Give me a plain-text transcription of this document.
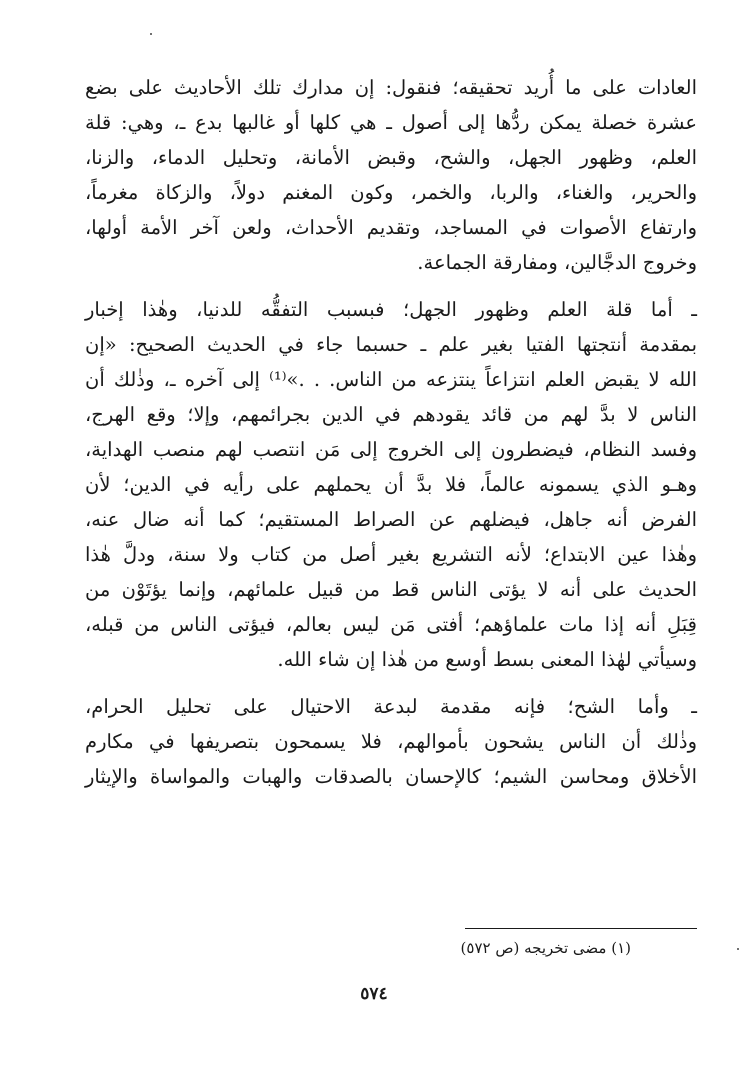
العادات على ما أُريد تحقيقه؛ فنقول: إن مدارك تلك الأحاديث على بضع
عشرة خصلة يمكن ردُّها إلى أصول ـ هي كلها أو غالبها بدع ـ، وهي: قلة
العلم، وظهور الجهل، والشح، وقبض الأمانة، وتحليل الدماء، والزنا،
والحرير، والغناء، والربا، والخمر، وكون المغنم دولاً، والزكاة مغرماً،
وارتفاع الأصوات في المساجد، وتقديم الأحداث، ولعن آخر الأمة أولها،
وخروج الدجَّالين، ومفارقة الجماعة.
ـ أما قلة العلم وظهور الجهل؛ فبسبب التفقُّه للدنيا، وهٰذا إخبار
بمقدمة أنتجتها الفتيا بغير علم ـ حسبما جاء في الحديث الصحيح: «إن
الله لا يقبض العلم انتزاعاً ينتزعه من الناس. . .»⁽¹⁾ إلى آخره ـ، وذٰلك أن
الناس لا بدَّ لهم من قائد يقودهم في الدين بجرائمهم، وإلا؛ وقع الهرج،
وفسد النظام، فيضطرون إلى الخروج إلى مَن انتصب لهم منصب الهداية،
وهـو الذي يسمونه عالماً، فلا بدَّ أن يحملهم على رأيه في الدين؛ لأن
الفرض أنه جاهل، فيضلهم عن الصراط المستقيم؛ كما أنه ضال عنه،
وهٰذا عين الابتداع؛ لأنه التشريع بغير أصل من كتاب ولا سنة، ودلَّ هٰذا
الحديث على أنه لا يؤتى الناس قط من قبيل علمائهم، وإنما يؤتَوْن من
قِبَلِ أنه إذا مات علماؤهم؛ أفتى مَن ليس بعالم، فيؤتى الناس من قبله،
وسيأتي لهٰذا المعنى بسط أوسع من هٰذا إن شاء الله.
ـ وأما الشح؛ فإنه مقدمة لبدعة الاحتيال على تحليل الحرام،
وذٰلك أن الناس يشحون بأموالهم، فلا يسمحون بتصريفها في مكارم
الأخلاق ومحاسن الشيم؛ كالإحسان بالصدقات والهبات والمواساة والإيثار
(١) مضى تخريجه (ص ٥٧٢)
٥٧٤
